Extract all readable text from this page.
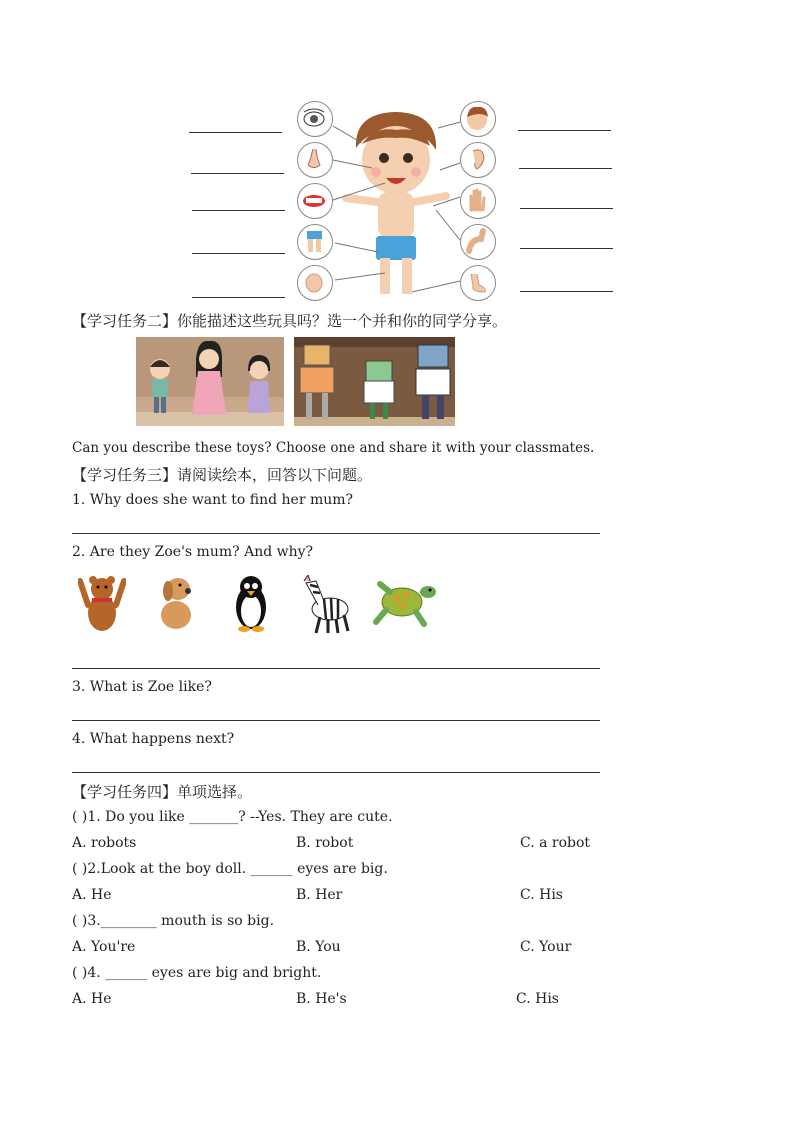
【学习任务二】你能描述这些玩具吗？选一个并和你的同学分享。
Can you describe these toys? Choose one and share it with your classmates.
【学习任务三】请阅读绘本，回答以下问题。
1. Why does she want to find her mum?
2. Are they Zoe's mum? And why?
3. What is Zoe like?
4. What happens next?
【学习任务四】单项选择。
( )1. Do you like _______? --Yes. They are cute.
A. robots	B. robot	C. a robot
( )2.Look at the boy doll. ______ eyes are big.
A. He	B. Her	C. His
( )3.________ mouth is so big.
A. You're	B. You	C. Your
( )4. ______ eyes are big and bright.
A. He	B. He's	C. His
